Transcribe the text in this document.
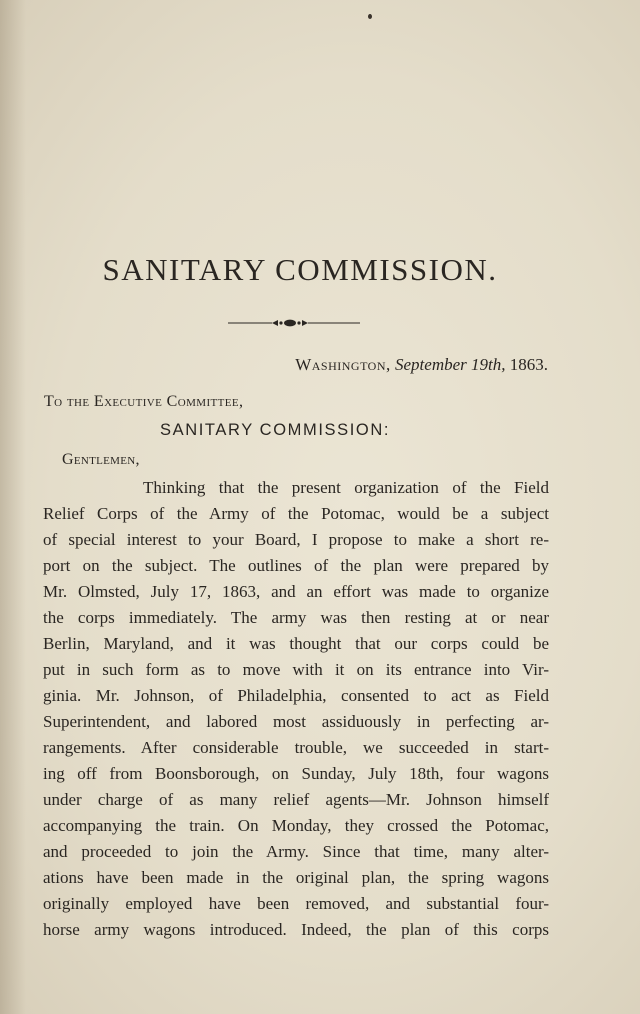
SANITARY COMMISSION.
Washington, September 19th, 1863.
To the Executive Committee,
SANITARY COMMISSION:
Gentlemen,
Thinking that the present organization of the Field
Relief Corps of the Army of the Potomac, would be a subject
of special interest to your Board, I propose to make a short re-
port on the subject. The outlines of the plan were prepared by
Mr. Olmsted, July 17, 1863, and an effort was made to organize
the corps immediately. The army was then resting at or near
Berlin, Maryland, and it was thought that our corps could be
put in such form as to move with it on its entrance into Vir-
ginia. Mr. Johnson, of Philadelphia, consented to act as Field
Superintendent, and labored most assiduously in perfecting ar-
rangements. After considerable trouble, we succeeded in start-
ing off from Boonsborough, on Sunday, July 18th, four wagons
under charge of as many relief agents—Mr. Johnson himself
accompanying the train. On Monday, they crossed the Potomac,
and proceeded to join the Army. Since that time, many alter-
ations have been made in the original plan, the spring wagons
originally employed have been removed, and substantial four-
horse army wagons introduced. Indeed, the plan of this corps
